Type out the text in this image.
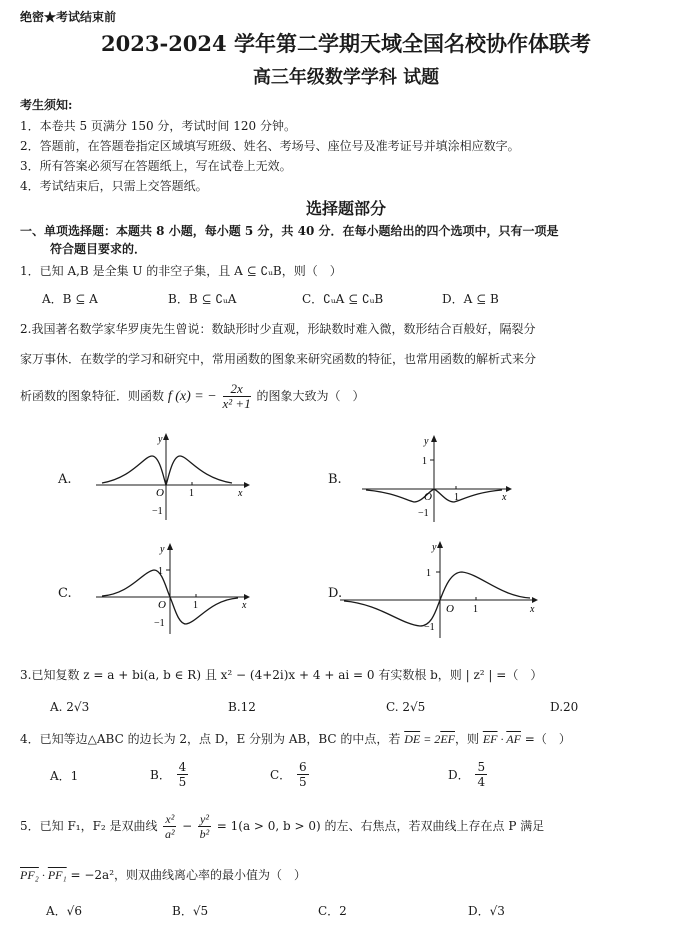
绝密★考试结束前
2023-2024 学年第二学期天域全国名校协作体联考
高三年级数学学科 试题
考生须知:
1．本卷共 5 页满分 150 分，考试时间 120 分钟。
2．答题前，在答题卷指定区域填写班级、姓名、考场号、座位号及准考证号并填涂相应数字。
3．所有答案必须写在答题纸上，写在试卷上无效。
4．考试结束后，只需上交答题纸。
选择题部分
一、单项选择题：本题共 8 小题，每小题 5 分，共 40 分．在每小题给出的四个选项中，只有一项是
符合题目要求的．
1．已知 A,B 是全集 U 的非空子集，且 A ⊆ ∁ᵤB，则（　）
A．B ⊆ A	B．B ⊆ ∁ᵤA	C．∁ᵤA ⊆ ∁ᵤB	D．A ⊆ B
2.我国著名数学家华罗庚先生曾说：数缺形时少直观，形缺数时难入微，数形结合百般好，隔裂分
家万事休．在数学的学习和研究中，常用函数的图象来研究函数的特征，也常用函数的解析式来分
析函数的图象特征．则函数 f (x) = − $\frac{2x}{\text{x² +1}}$ 的图象大致为（　）
A.	B.
C.	D.
y
O	1	x
−1
y
1
O 1	x
−1
y
1
O	1	x
−1
y
1
O 1	x
−1
3.已知复数 z = a + bi(a, b ∈ R) 且 x² − (4+2i)x + 4 + ai = 0 有实数根 b，则 | z² | =（　）
A. 2√3	B.12	C. 2√5	D.20
4．已知等边△ABC 的边长为 2，点 D，E 分别为 AB，BC 的中点，若 $\overline{DE} = 2\overline{EF}$，则 $\overline{EF} \cdot \overline{AF}$ =（　）
A．1	B． $\frac{4}{5}$	C． $\frac{6}{5}$	D． $\frac{5}{4}$
5．已知 F₁，F₂ 是双曲线 $\frac{\text{x²}}{\text{a²}} - \frac{\text{y²}}{\text{b²}} = 1(a > 0$, b > 0) 的左、右焦点，若双曲线上存在点 P 满足
PF₂ · PF₁ = −2a²，则双曲线离心率的最小值为（　）
A．√6	B．√5	C．2	D．√3
